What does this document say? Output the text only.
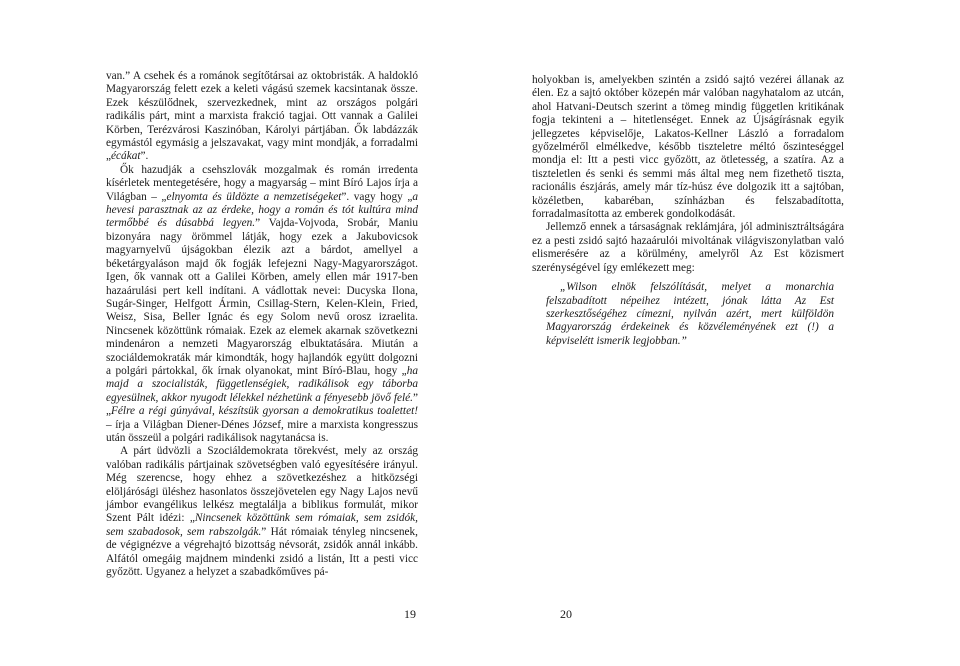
van.” A csehek és a románok segítőtársai az oktobristák. A haldokló Magyarország felett ezek a keleti vágású szemek kacsintanak össze. Ezek készülődnek, szervezkednek, mint az országos polgári radikális párt, mint a marxista frakció tagjai. Ott vannak a Galilei Körben, Terézvárosi Kaszinóban, Károlyi pártjában. Ők labdázzák egymástól egymásig a jelszavakat, vagy mint mondják, a forradalmi „écákat”.

Ők hazudják a csehszlovák mozgalmak és román irredenta kísérletek mentegetésére, hogy a magyarság – mint Bíró Lajos írja a Világban – „elnyomta és üldözte a nemzetiségeket”. vagy hogy „a hevesi parasztnak az az érdeke, hogy a román és tót kultúra mind termőbbé és dúsabbá legyen.” Vajda-Vojvoda, Srobár, Maniu bizonyára nagy örömmel látják, hogy ezek a Jakubovicsok magyarnyelvű újságokban élezik azt a bárdot, amellyel a béketárgyaláson majd ők fogják lefejezni Nagy-Magyarországot. Igen, ők vannak ott a Galilei Körben, amely ellen már 1917-ben hazaárulási pert kell indítani. A vádlottak nevei: Ducyska Ilona, Sugár-Singer, Helfgott Ármin, Csillag-Stern, Kelen-Klein, Fried, Weisz, Sisa, Beller Ignác és egy Solom nevű orosz izraelita. Nincsenek közöttünk rómaiak. Ezek az elemek akarnak szövetkezni mindenáron a nemzeti Magyarország elbuktatására. Miután a szociáldemokraták már kimondták, hogy hajlandók együtt dolgozni a polgári pártokkal, ők írnak olyanokat, mint Bíró-Blau, hogy „ha majd a szocialisták, függetlenségiek, radikálisok egy táborba egyesülnek, akkor nyugodt lélekkel nézhetünk a fényesebb jövő felé.” „Félre a régi gúnyával, készítsük gyorsan a demokratikus toalettet! – írja a Világban Diener-Dénes József, mire a marxista kongresszus után összeül a polgári radikálisok nagytanácsa is.

A párt üdvözli a Szociáldemokrata törekvést, mely az ország valóban radikális pártjainak szövetségben való egyesítésére irányul. Még szerencse, hogy ehhez a szövetkezéshez a hitközségi elöljárósági üléshez hasonlatos összejövetelen egy Nagy Lajos nevű jámbor evangélikus lelkész megtalálja a biblikus formulát, mikor Szent Pált idézi: „Nincsenek közöttünk sem rómaiak, sem zsidók, sem szabadosok, sem rabszolgák.” Hát rómaiak tényleg nincsenek, de végignézve a végrehajtó bizottság névsorát, zsidók annál inkább. Alfától omegáig majdnem mindenki zsidó a listán, Itt a pesti vicc győzött. Ugyanez a helyzet a szabadkőműves pá-

19

holyokban is, amelyekben szintén a zsidó sajtó vezérei állanak az élen. Ez a sajtó október közepén már valóban nagyhatalom az utcán, ahol Hatvani-Deutsch szerint a tömeg mindig független kritikának fogja tekinteni a – hitetlenséget. Ennek az Újságírásnak egyik jellegzetes képviselője, Lakatos-Kellner László a forradalom győzelméről elmélkedve, később tiszteletre méltó őszinteséggel mondja el: Itt a pesti vicc győzött, az ötletesség, a szatíra. Az a tiszteletlen és senki és semmi más által meg nem fizethető tiszta, racionális észjárás, amely már tíz-húsz éve dolgozik itt a sajtóban, közéletben, kabaréban, színházban és felszabadította, forradalmasította az emberek gondolkodását.

Jellemző ennek a társaságnak reklámjára, jól adminisztráltságára ez a pesti zsidó sajtó hazaárulói mivoltának világviszonylatban való elismerésére az a körülmény, amelyről Az Est közismert szerénységével így emlékezett meg:

„Wilson elnök felszólítását, melyet a monarchia felszabadított népeihez intézett, jónak látta Az Est szerkesztőségéhez címezni, nyilván azért, mert külföldön Magyarország érdekeinek és közvéleményének ezt (!) a képviselétt ismerik legjobban.”

20
